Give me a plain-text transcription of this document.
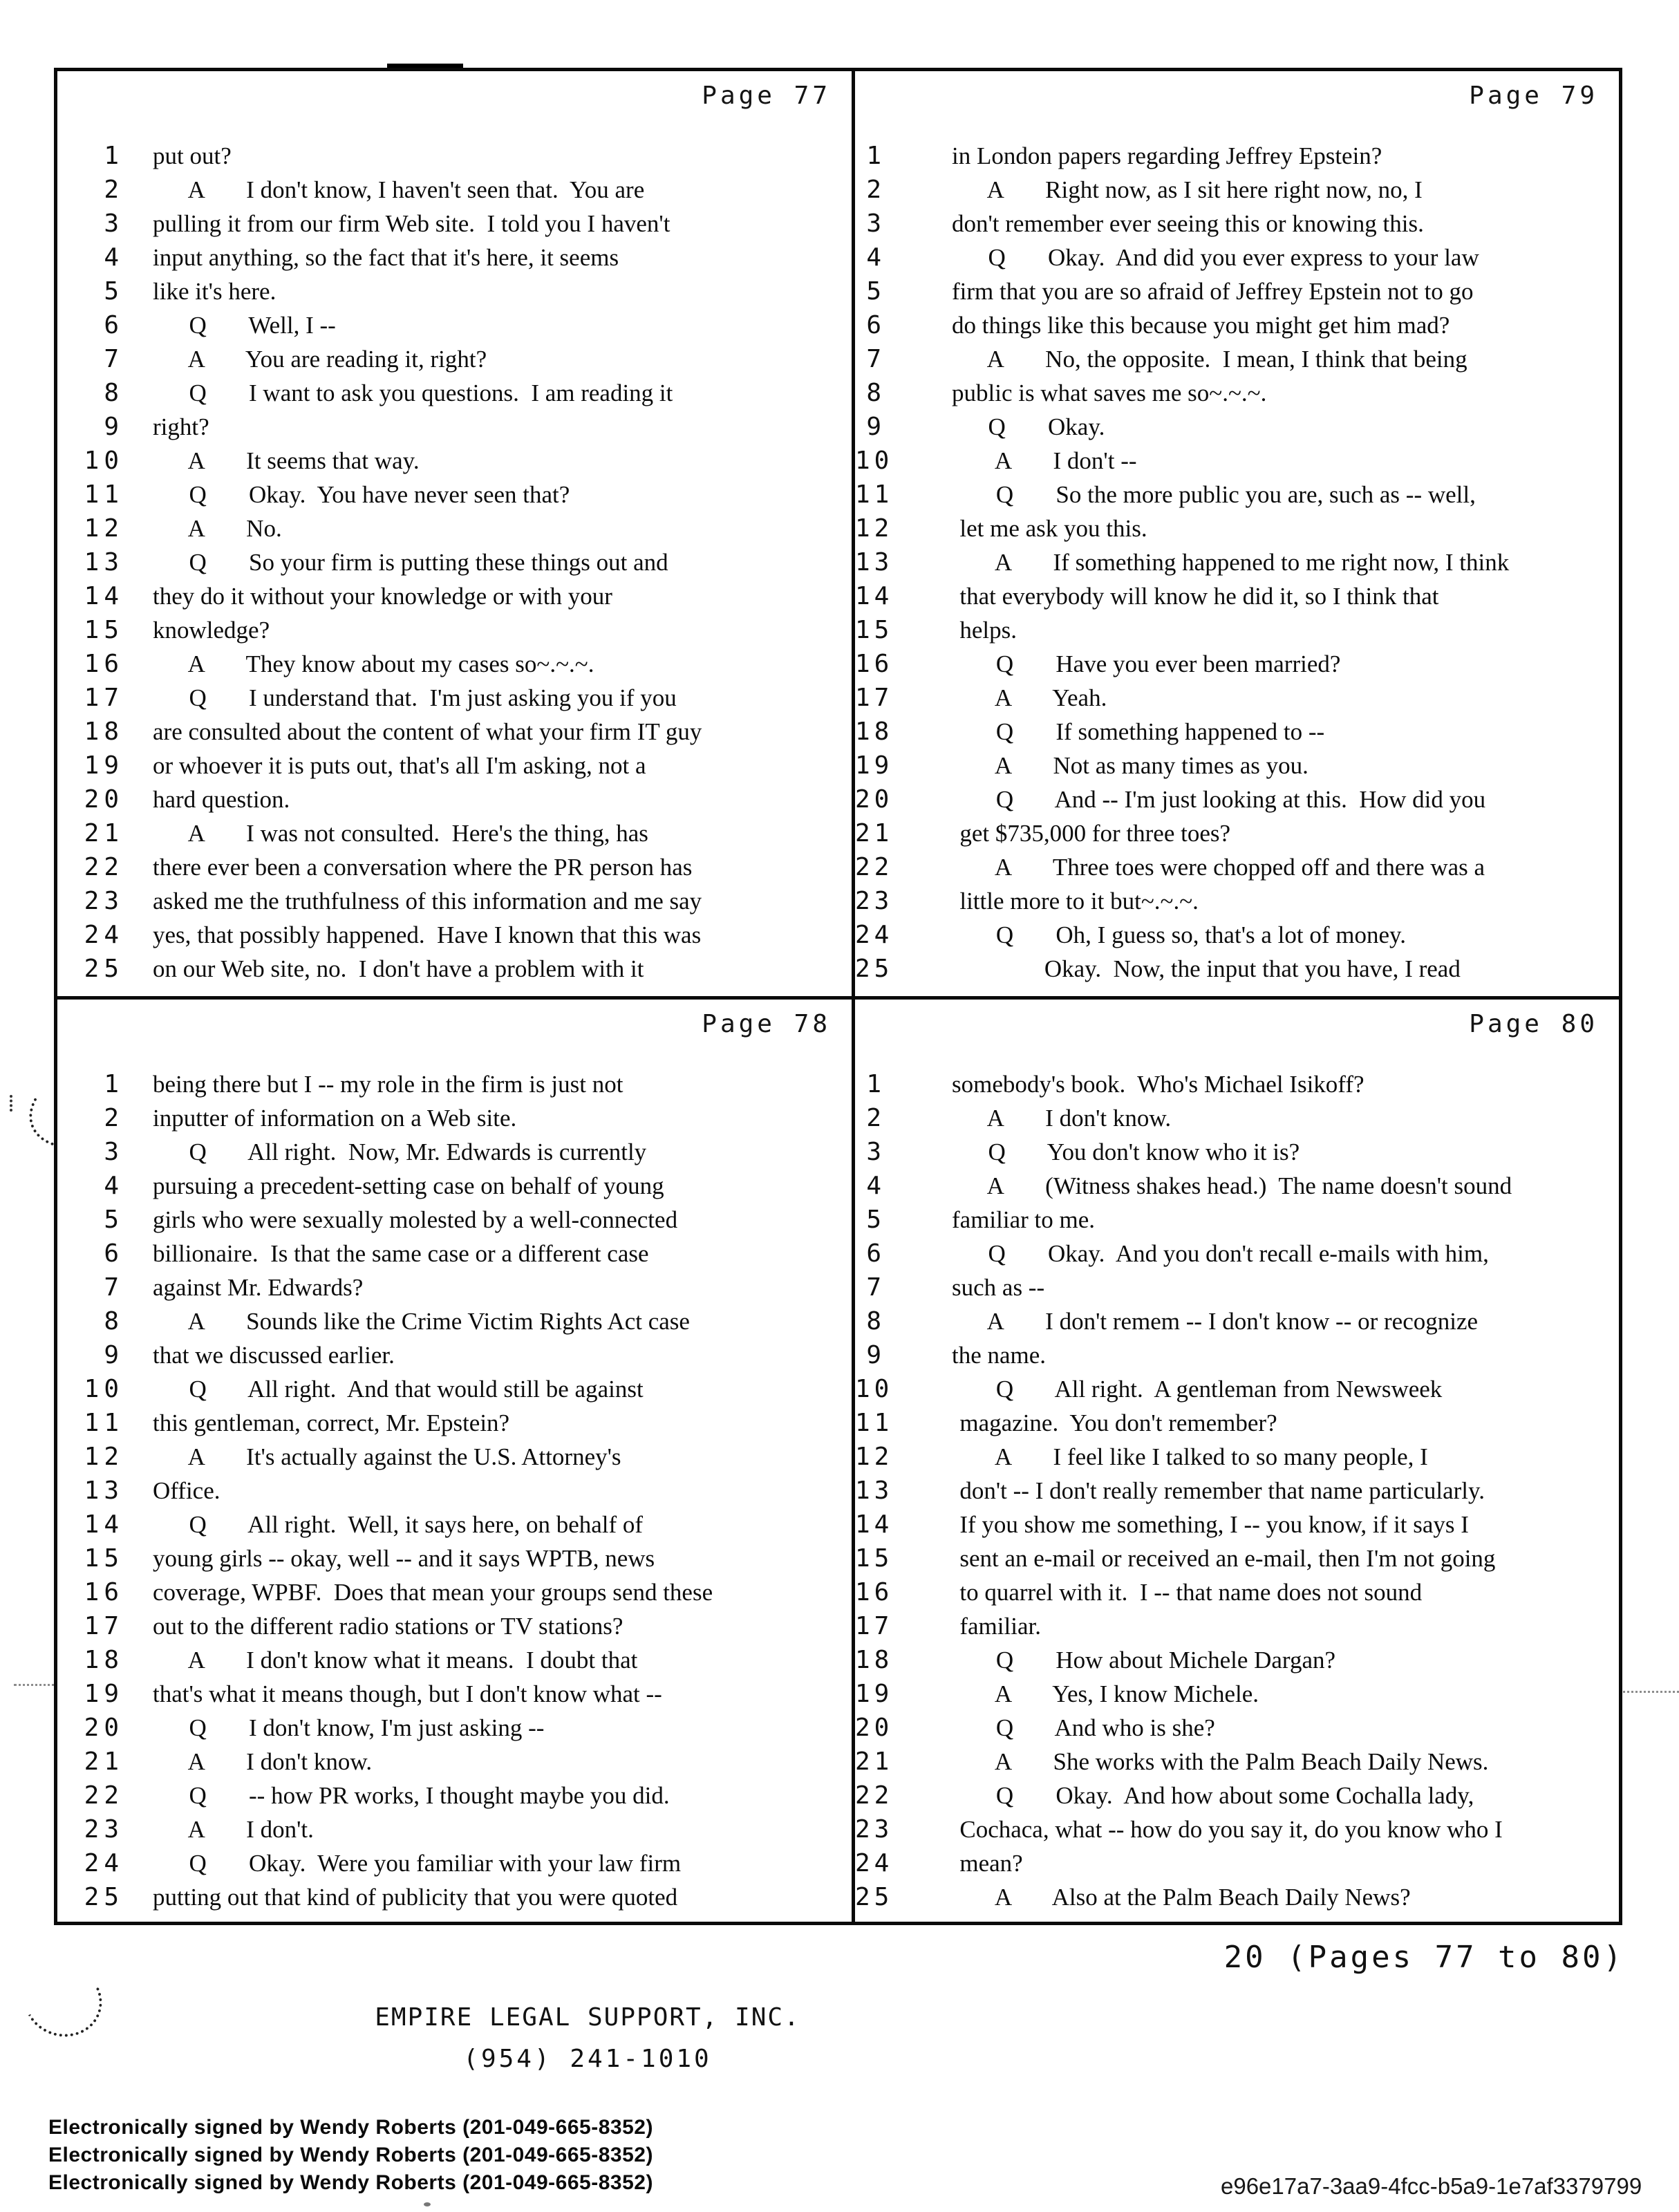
Page 77
1	put out?
2	A       I don't know, I haven't seen that.  You are
3	pulling it from our firm Web site.  I told you I haven't
4	input anything, so the fact that it's here, it seems
5	like it's here.
6	Q       Well, I --
7	A       You are reading it, right?
8	Q       I want to ask you questions.  I am reading it
9	right?
10	A       It seems that way.
11	Q       Okay.  You have never seen that?
12	A       No.
13	Q       So your firm is putting these things out and
14	they do it without your knowledge or with your
15	knowledge?
16	A       They know about my cases so~.~.~.
17	Q       I understand that.  I'm just asking you if you
18	are consulted about the content of what your firm IT guy
19	or whoever it is puts out, that's all I'm asking, not a
20	hard question.
21	A       I was not consulted.  Here's the thing, has
22	there ever been a conversation where the PR person has
23	asked me the truthfulness of this information and me say
24	yes, that possibly happened.  Have I known that this was
25	on our Web site, no.  I don't have a problem with it
Page 79
1	in London papers regarding Jeffrey Epstein?
2	A       Right now, as I sit here right now, no, I
3	don't remember ever seeing this or knowing this.
4	Q       Okay.  And did you ever express to your law
5	firm that you are so afraid of Jeffrey Epstein not to go
6	do things like this because you might get him mad?
7	A       No, the opposite.  I mean, I think that being
8	public is what saves me so~.~.~.
9	Q       Okay.
10	A       I don't --
11	Q       So the more public you are, such as -- well,
12	let me ask you this.
13	A       If something happened to me right now, I think
14	that everybody will know he did it, so I think that
15	helps.
16	Q       Have you ever been married?
17	A       Yeah.
18	Q       If something happened to --
19	A       Not as many times as you.
20	Q       And -- I'm just looking at this.  How did you
21	get $735,000 for three toes?
22	A       Three toes were chopped off and there was a
23	little more to it but~.~.~.
24	Q       Oh, I guess so, that's a lot of money.
25	Okay.  Now, the input that you have, I read
Page 78
1	being there but I -- my role in the firm is just not
2	inputter of information on a Web site.
3	Q       All right.  Now, Mr. Edwards is currently
4	pursuing a precedent-setting case on behalf of young
5	girls who were sexually molested by a well-connected
6	billionaire.  Is that the same case or a different case
7	against Mr. Edwards?
8	A       Sounds like the Crime Victim Rights Act case
9	that we discussed earlier.
10	Q       All right.  And that would still be against
11	this gentleman, correct, Mr. Epstein?
12	A       It's actually against the U.S. Attorney's
13	Office.
14	Q       All right.  Well, it says here, on behalf of
15	young girls -- okay, well -- and it says WPTB, news
16	coverage, WPBF.  Does that mean your groups send these
17	out to the different radio stations or TV stations?
18	A       I don't know what it means.  I doubt that
19	that's what it means though, but I don't know what --
20	Q       I don't know, I'm just asking --
21	A       I don't know.
22	Q       -- how PR works, I thought maybe you did.
23	A       I don't.
24	Q       Okay.  Were you familiar with your law firm
25	putting out that kind of publicity that you were quoted
Page 80
1	somebody's book.  Who's Michael Isikoff?
2	A       I don't know.
3	Q       You don't know who it is?
4	A       (Witness shakes head.)  The name doesn't sound
5	familiar to me.
6	Q       Okay.  And you don't recall e-mails with him,
7	such as --
8	A       I don't remem -- I don't know -- or recognize
9	the name.
10	Q       All right.  A gentleman from Newsweek
11	magazine.  You don't remember?
12	A       I feel like I talked to so many people, I
13	don't -- I don't really remember that name particularly.
14	If you show me something, I -- you know, if it says I
15	sent an e-mail or received an e-mail, then I'm not going
16	to quarrel with it.  I -- that name does not sound
17	familiar.
18	Q       How about Michele Dargan?
19	A       Yes, I know Michele.
20	Q       And who is she?
21	A       She works with the Palm Beach Daily News.
22	Q       Okay.  And how about some Cochalla lady,
23	Cochaca, what -- how do you say it, do you know who I
24	mean?
25	A       Also at the Palm Beach Daily News?
20 (Pages 77 to 80)
EMPIRE LEGAL SUPPORT, INC.
(954) 241-1010
Electronically signed by Wendy Roberts (201-049-665-8352)
Electronically signed by Wendy Roberts (201-049-665-8352)
Electronically signed by Wendy Roberts (201-049-665-8352)	e96e17a7-3aa9-4fcc-b5a9-1e7af3379799
